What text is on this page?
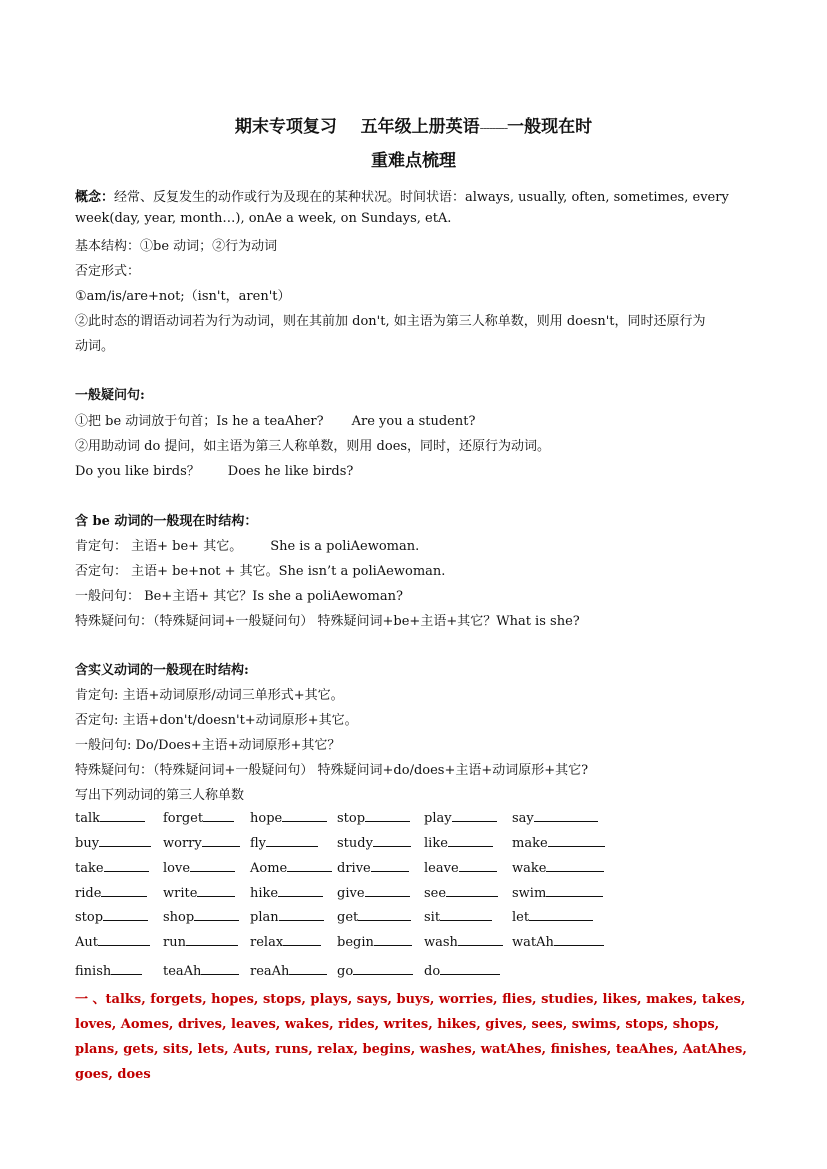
期末专项复习 五年级上册英语---------一般现在时
重难点梳理
概念：经常、反复发生的动作或行为及现在的某种状况。时间状语：always, usually, often, sometimes, every
week(day, year, month…), onAe a week, on Sundays, etA.
基本结构：①be 动词；②行为动词
否定形式：
①am/is/are+not;（isn't，aren't）
②此时态的谓语动词若为行为动词，则在其前加 don't, 如主语为第三人称单数，则用 doesn't，同时还原行为
动词。
一般疑问句:
①把 be 动词放于句首；Is he a teaAher? Are you a student?
②用助动词 do 提问，如主语为第三人称单数，则用 does，同时，还原行为动词。
Do you like birds？ Does he like birds?
含 be 动词的一般现在时结构：
肯定句： 主语+ be+ 其它。 She is a poliAewoman.
否定句： 主语+ be+not + 其它。She isn’t a poliAewoman.
一般问句： Be+主语+ 其它？Is she a poliAewoman?
特殊疑问句：（特殊疑问词+一般疑问句） 特殊疑问词+be+主语+其它？What is she?
含实义动词的一般现在时结构:
肯定句: 主语+动词原形/动词三单形式+其它。
否定句: 主语+don't/doesn't+动词原形+其它。
一般问句: Do/Does+主语+动词原形+其它？
特殊疑问句：（特殊疑问词+一般疑问句） 特殊疑问词+do/does+主语+动词原形+其它?
写出下列动词的第三人称单数
talk	forget	hope	stop	play	say
buy	worry	fly	study	like	make
take	love	Aome	drive	leave	wake
ride	write	hike	give	see	swim
stop	shop	plan	get	sit	let
Aut	run	relax	begin	wash	watAh
finish	teaAh	reaAh	go	do
一 、talks, forgets, hopes, stops, plays, says, buys, worries, flies, studies, likes, makes, takes, loves, Aomes, drives, leaves, wakes, rides, writes, hikes, gives, sees, swims, stops, shops, plans, gets, sits, lets, Auts, runs, relax, begins, washes, watAhes, finishes, teaAhes, AatAhes, goes, does
